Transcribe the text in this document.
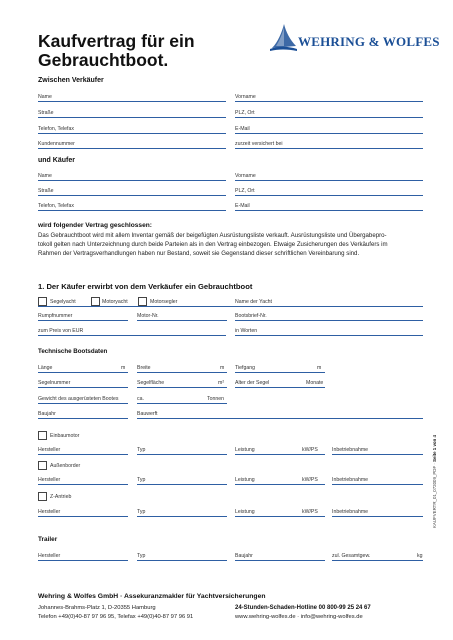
Kaufvertrag für ein
Gebrauchtboot.
WEHRING & WOLFES
Zwischen Verkäufer
Name	Vorname
Straße	PLZ, Ort
Telefon, Telefax	E-Mail
Kundennummer	zurzeit versichert bei
und Käufer
Name	Vorname
Straße	PLZ, Ort
Telefon, Telefax	E-Mail
wird folgender Vertrag geschlossen:
Das Gebrauchtboot wird mit allem Inventar gemäß der beigefügten Ausrüstungsliste verkauft. Ausrüstungsliste und Übergabepro-
tokoll gelten nach Unterzeichnung durch beide Parteien als in den Vertrag einbezogen. Etwaige Zusicherungen des Verkäufers im
Rahmen der Vertragsverhandlungen haben nur Bestand, soweit sie Gegenstand dieser schriftlichen Vereinbarung sind.
1. Der Käufer erwirbt von dem Verkäufer ein Gebrauchtboot
Segelyacht	Motoryacht	Motorsegler	Name der Yacht
Rumpfnummer	Motor-Nr.	Bootsbrief-Nr.
zum Preis von EUR	in Worten
Technische Bootsdaten
Länge	m Breite	m Tiefgang	m
Segelnummer	Segelfläche	m² Alter der Segel	Monate
Gewicht des ausgerüsteten Bootes	ca.	Tonnen
Baujahr	Bauwerft
Einbaumotor
Hersteller	Typ	Leistung	kW/PS	Inbetriebnahme
Außenborder
Hersteller	Typ	Leistung	kW/PS	Inbetriebnahme
Z-Antrieb
Hersteller	Typ	Leistung	kW/PS	Inbetriebnahme
Trailer
Hersteller	Typ	Baujahr	zul. Gesamtgew.	kg
KAUFVERTR_01_072009_PDF · Seite 1 von 4
Wehring & Wolfes GmbH · Assekuranzmakler für Yachtversicherungen
Johannes-Brahms-Platz 1, D-20355 Hamburg
Telefon +49(0)40-87 97 96 95, Telefax +49(0)40-87 97 96 91
24-Stunden-Schaden-Hotline 00 800-99 25 24 67
www.wehring-wolfes.de · info@wehring-wolfes.de
